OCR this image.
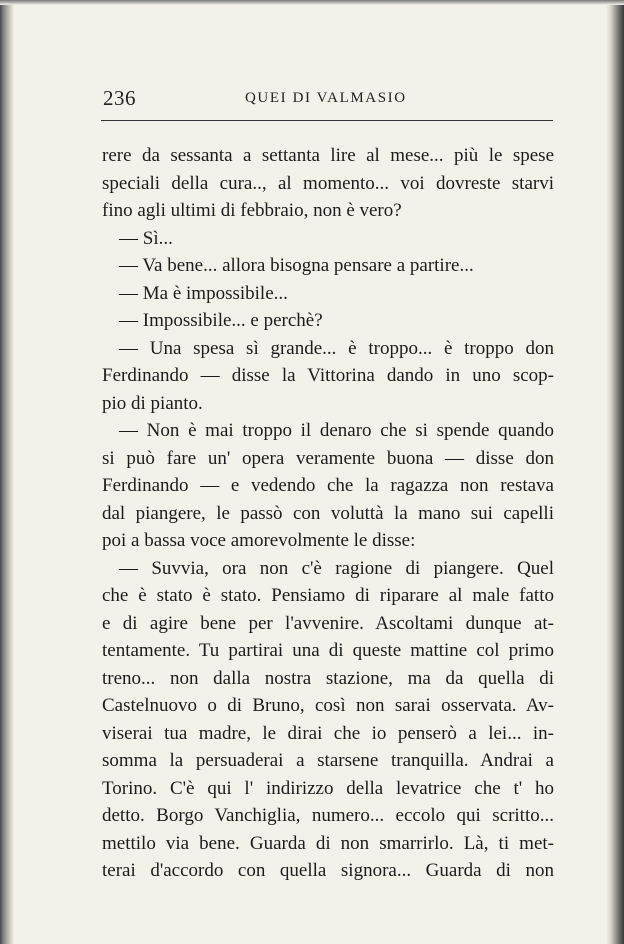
236	QUEI DI VALMASIO
rere da sessanta a settanta lire al mese... più le spese
speciali della cura.., al momento... voi dovreste starvi
fino agli ultimi di febbraio, non è vero?
— Sì...
— Va bene... allora bisogna pensare a partire...
— Ma è impossibile...
— Impossibile... e perchè?
— Una spesa sì grande... è troppo... è troppo don
Ferdinando — disse la Vittorina dando in uno scop-
pio di pianto.
— Non è mai troppo il denaro che si spende quando
si può fare un' opera veramente buona — disse don
Ferdinando — e vedendo che la ragazza non restava
dal piangere, le passò con voluttà la mano sui capelli
poi a bassa voce amorevolmente le disse:
— Suvvia, ora non c'è ragione di piangere. Quel
che è stato è stato. Pensiamo di riparare al male fatto
e di agire bene per l'avvenire. Ascoltami dunque at-
tentamente. Tu partirai una di queste mattine col primo
treno... non dalla nostra stazione, ma da quella di
Castelnuovo o di Bruno, così non sarai osservata. Av-
viserai tua madre, le dirai che io penserò a lei... in-
somma la persuaderai a starsene tranquilla. Andrai a
Torino. C'è qui l' indirizzo della levatrice che t' ho
detto. Borgo Vanchiglia, numero... eccolo qui scritto...
mettilo via bene. Guarda di non smarrirlo. Là, ti met-
terai d'accordo con quella signora... Guarda di non
